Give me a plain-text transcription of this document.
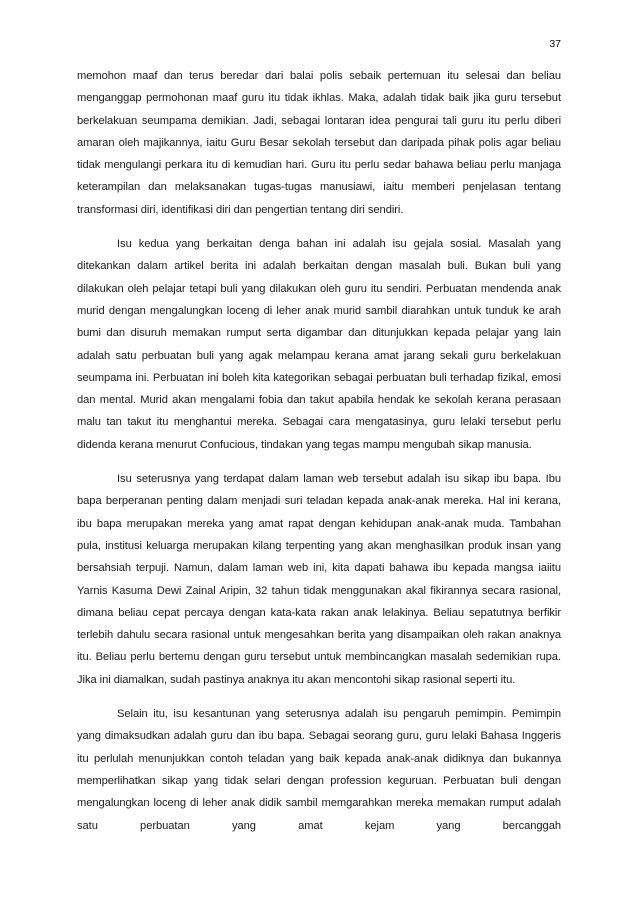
37

memohon maaf dan terus beredar dari balai polis sebaik pertemuan itu selesai dan beliau menganggap permohonan maaf guru itu tidak ikhlas. Maka, adalah tidak baik jika guru tersebut berkelakuan seumpama demikian. Jadi, sebagai lontaran idea pengurai tali guru itu perlu diberi amaran oleh majikannya, iaitu Guru Besar sekolah tersebut dan daripada pihak polis agar beliau tidak mengulangi perkara itu di kemudian hari. Guru itu perlu sedar bahawa beliau perlu manjaga keterampilan dan melaksanakan tugas-tugas manusiawi, iaitu memberi penjelasan tentang transformasi diri, identifikasi diri dan pengertian tentang diri sendiri.

Isu kedua yang berkaitan denga bahan ini adalah isu gejala sosial. Masalah yang ditekankan dalam artikel berita ini adalah berkaitan dengan masalah buli. Bukan buli yang dilakukan oleh pelajar tetapi buli yang dilakukan oleh guru itu sendiri. Perbuatan mendenda anak murid dengan mengalungkan loceng di leher anak murid sambil diarahkan untuk tunduk ke arah bumi dan disuruh memakan rumput serta digambar dan ditunjukkan kepada pelajar yang lain adalah satu perbuatan buli yang agak melampau kerana amat jarang sekali guru berkelakuan seumpama ini. Perbuatan ini boleh kita kategorikan sebagai perbuatan buli terhadap fizikal, emosi dan mental. Murid akan mengalami fobia dan takut apabila hendak ke sekolah kerana perasaan malu tan takut itu menghantui mereka. Sebagai cara mengatasinya, guru lelaki tersebut perlu didenda kerana menurut Confucious, tindakan yang tegas mampu mengubah sikap manusia.

Isu seterusnya yang terdapat dalam laman web tersebut adalah isu sikap ibu bapa. Ibu bapa berperanan penting dalam menjadi suri teladan kepada anak-anak mereka. Hal ini kerana, ibu bapa merupakan mereka yang amat rapat dengan kehidupan anak-anak muda. Tambahan pula, institusi keluarga merupakan kilang terpenting yang akan menghasilkan produk insan yang bersahsiah terpuji. Namun, dalam laman web ini, kita dapati bahawa ibu kepada mangsa iaiitu Yarnis Kasuma Dewi Zainal Aripin, 32 tahun tidak menggunakan akal fikirannya secara rasional, dimana beliau cepat percaya dengan kata-kata rakan anak lelakinya. Beliau sepatutnya berfikir terlebih dahulu secara rasional untuk mengesahkan berita yang disampaikan oleh rakan anaknya itu. Beliau perlu bertemu dengan guru tersebut untuk membincangkan masalah sedemikian rupa. Jika ini diamalkan, sudah pastinya anaknya itu akan mencontohi sikap rasional seperti itu.

Selain itu, isu kesantunan yang seterusnya adalah isu pengaruh pemimpin. Pemimpin yang dimaksudkan adalah guru dan ibu bapa. Sebagai seorang guru, guru lelaki Bahasa Inggeris itu perlulah menunjukkan contoh teladan yang baik kepada anak-anak didiknya dan bukannya memperlihatkan sikap yang tidak selari dengan profession keguruan. Perbuatan buli dengan mengalungkan loceng di leher anak didik sambil memgarahkan mereka memakan rumput adalah satu perbuatan yang amat kejam yang bercanggah
